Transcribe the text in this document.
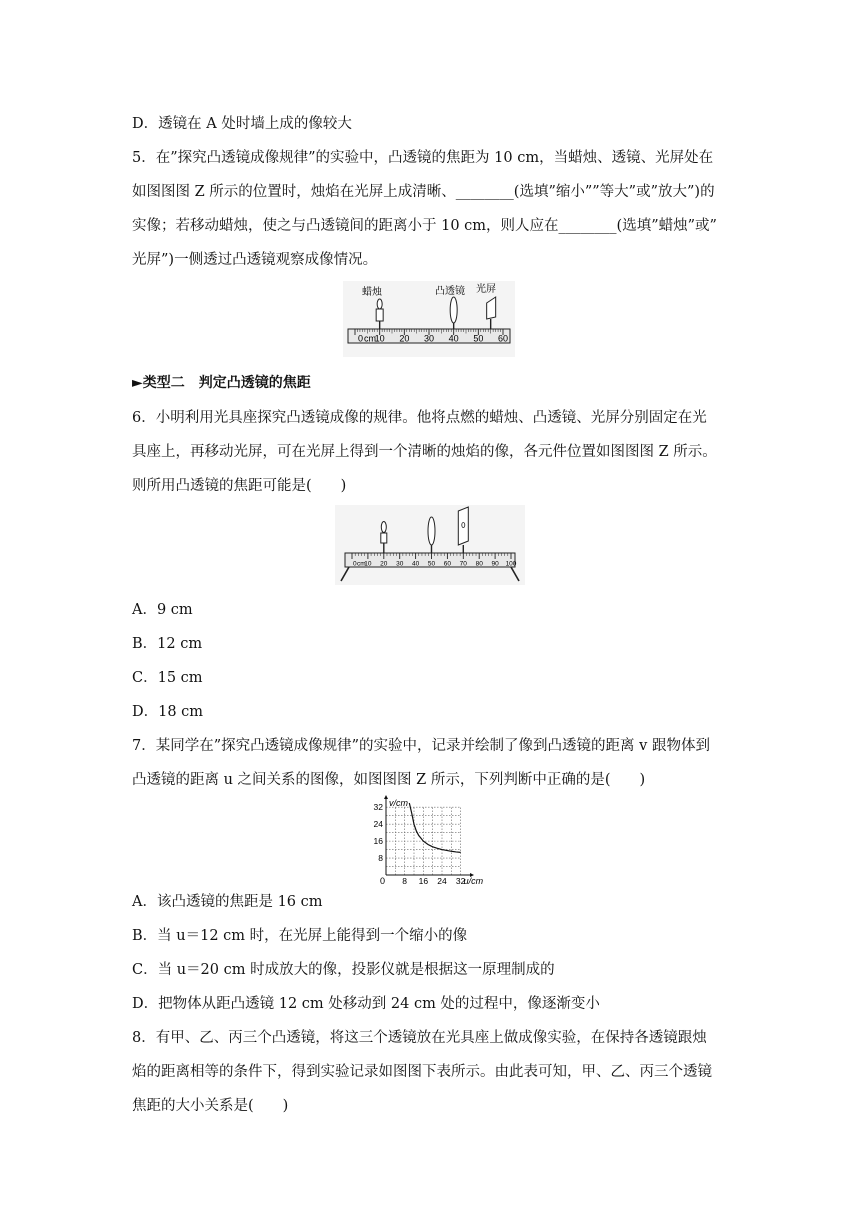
D．透镜在 A 处时墙上成的像较大
5．在”探究凸透镜成像规律”的实验中，凸透镜的焦距为 10 cm，当蜡烛、透镜、光屏处在
如图图图 Z 所示的位置时，烛焰在光屏上成清晰、________(选填”缩小””等大”或”放大”)的
实像；若移动蜡烛，使之与凸透镜间的距离小于 10 cm，则人应在________(选填”蜡烛”或”
光屏”)一侧透过凸透镜观察成像情况。
蜡烛	凸透镜 光屏
0 cm
10 20 30 40 50 60
►类型二　判定凸透镜的焦距
6．小明利用光具座探究凸透镜成像的规律。他将点燃的蜡烛、凸透镜、光屏分别固定在光
具座上，再移动光屏，可在光屏上得到一个清晰的烛焰的像，各元件位置如图图图 Z 所示。
则所用凸透镜的焦距可能是(　　)
0 cm
10 20 30 40 50 60 70 80 90 100
A．9 cm
B．12 cm
C．15 cm
D．18 cm
7．某同学在”探究凸透镜成像规律”的实验中，记录并绘制了像到凸透镜的距离 v 跟物体到
凸透镜的距离 u 之间关系的图像，如图图图 Z 所示，下列判断中正确的是(　　)
8 16 24 32
8
16
24
32
u/cm
v/cm
0
A．该凸透镜的焦距是 16 cm
B．当 u＝12 cm 时，在光屏上能得到一个缩小的像
C．当 u＝20 cm 时成放大的像，投影仪就是根据这一原理制成的
D．把物体从距凸透镜 12 cm 处移动到 24 cm 处的过程中，像逐渐变小
8．有甲、乙、丙三个凸透镜，将这三个透镜放在光具座上做成像实验，在保持各透镜跟烛
焰的距离相等的条件下，得到实验记录如图图下表所示。由此表可知，甲、乙、丙三个透镜
焦距的大小关系是(　　)
